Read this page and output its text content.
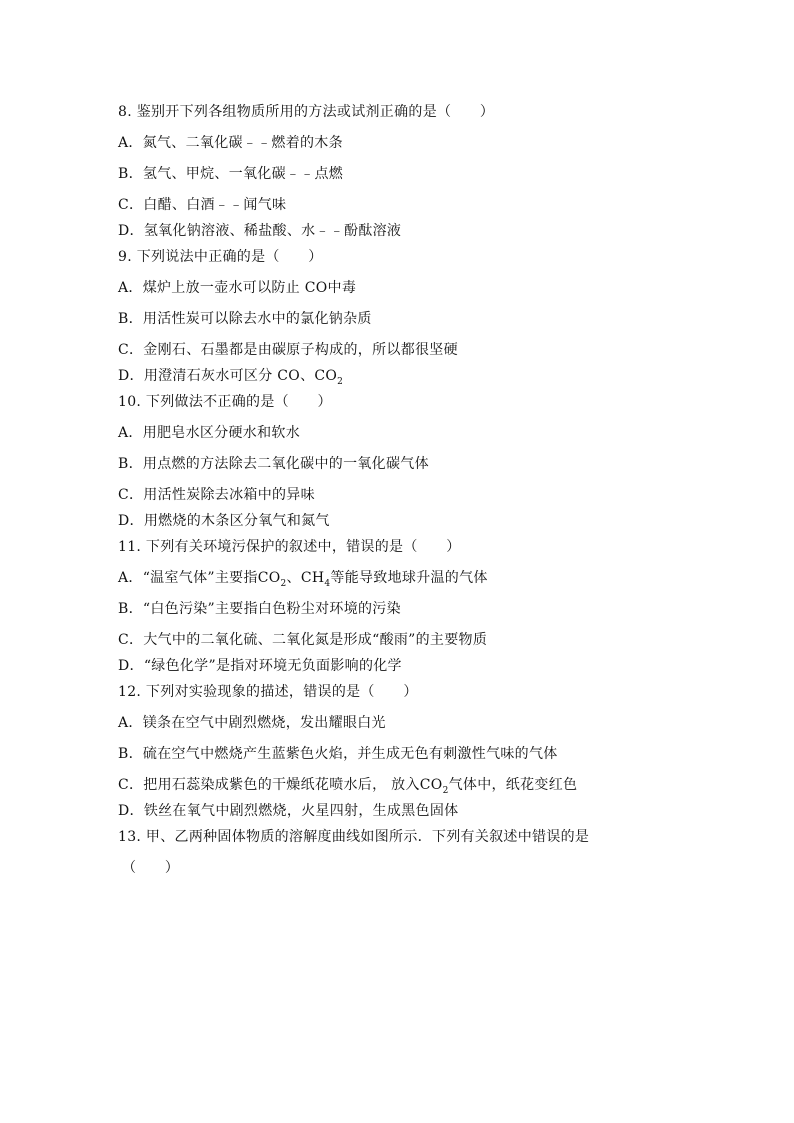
8. 鉴别开下列各组物质所用的方法或试剂正确的是（　　）
A．氮气、二氧化碳﹣﹣燃着的木条
B．氢气、甲烷、一氧化碳﹣﹣点燃
C．白醋、白酒﹣﹣闻气味
D．氢氧化钠溶液、稀盐酸、水﹣﹣酚酞溶液
9. 下列说法中正确的是（　　）
A．煤炉上放一壶水可以防止 CO中毒
B．用活性炭可以除去水中的氯化钠杂质
C．金刚石、石墨都是由碳原子构成的，所以都很坚硬
D．用澄清石灰水可区分 CO、$CO_2$
10. 下列做法不正确的是（　　）
A．用肥皂水区分硬水和软水
B．用点燃的方法除去二氧化碳中的一氧化碳气体
C．用活性炭除去冰箱中的异味
D．用燃烧的木条区分氧气和氮气
11. 下列有关环境污保护的叙述中，错误的是（　　）
A．“温室气体”主要指$CO_2$、$CH_4$等能导致地球升温的气体
B．“白色污染”主要指白色粉尘对环境的污染
C．大气中的二氧化硫、二氧化氮是形成“酸雨”的主要物质
D．“绿色化学”是指对环境无负面影响的化学
12. 下列对实验现象的描述，错误的是（　　）
A．镁条在空气中剧烈燃烧，发出耀眼白光
B．硫在空气中燃烧产生蓝紫色火焰，并生成无色有刺激性气味的气体
C．把用石蕊染成紫色的干燥纸花喷水后， 放入$CO_2$气体中，纸花变红色
D．铁丝在氧气中剧烈燃烧，火星四射，生成黑色固体
13. 甲、乙两种固体物质的溶解度曲线如图所示．下列有关叙述中错误的是
（　　）
